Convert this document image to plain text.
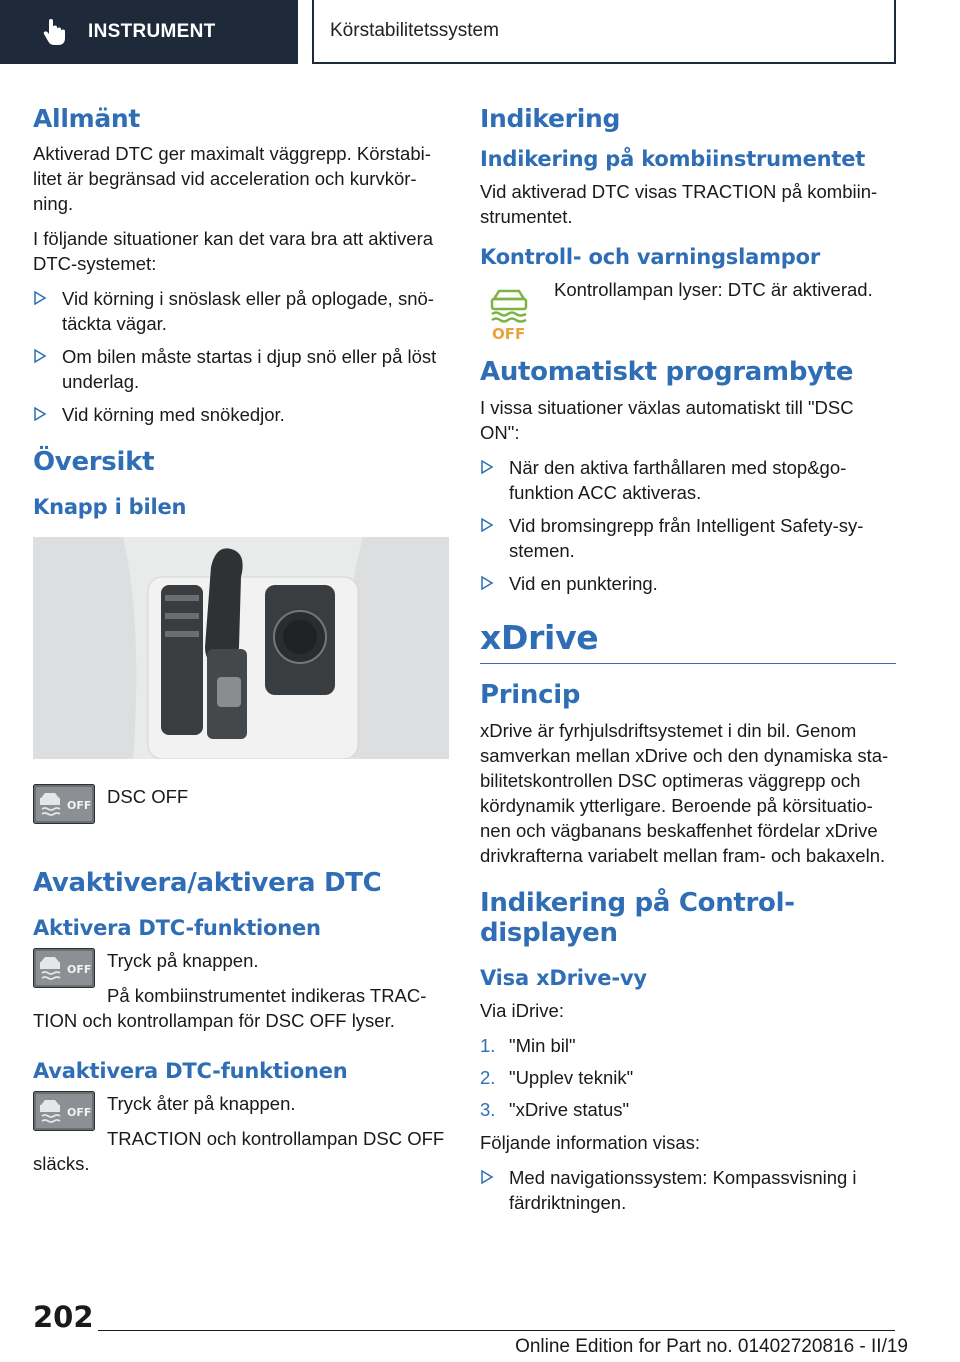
INSTRUMENT	Körstabilitetssystem
Allmänt

Aktiverad DTC ger maximalt väggrepp. Körstabilitet är begränsad vid acceleration och kurvkörning.

I följande situationer kan det vara bra att aktivera DTC-systemet:

Vid körning i snöslask eller på oplogade, snötäckta vägar.
Om bilen måste startas i djup snö eller på löst underlag.
Vid körning med snökedjor.
Översikt
Knapp i bilen
OFF DSC OFF

Avaktivera/aktivera DTC
Aktivera DTC-funktionen
OFF Tryck på knappen.

På kombiinstrumentet indikeras TRACTION och kontrollampan för DSC OFF lyser.

Avaktivera DTC-funktionen
OFF Tryck åter på knappen.

TRACTION och kontrollampan DSC OFF släcks.

Indikering
Indikering på kombiinstrumentet

Vid aktiverad DTC visas TRACTION på kombiinstrumentet.

Kontroll- och varningslampor
OFF

Kontrollampan lyser: DTC är aktiverad.

Automatiskt programbyte

I vissa situationer växlas automatiskt till "DSC ON":

När den aktiva farthållaren med stop&go-funktion ACC aktiveras.
Vid bromsingrepp från Intelligent Safety-systemen.
Vid en punktering.
xDrive
Princip

xDrive är fyrhjulsdriftsystemet i din bil. Genom samverkan mellan xDrive och den dynamiska stabilitetskontrollen DSC optimeras väggrepp och kördynamik ytterligare. Beroende på körsituationen och vägbanans beskaffenhet fördelar xDrive drivkrafterna variabelt mellan fram- och bakaxeln.

Indikering på Control-displayen
Visa xDrive-vy

Via iDrive:

1. "Min bil"
2. "Upplev teknik"
3. "xDrive status"

Följande information visas:

Med navigationssystem: Kompassvisning i färdriktningen.
202
Online Edition for Part no. 01402720816 - II/19
